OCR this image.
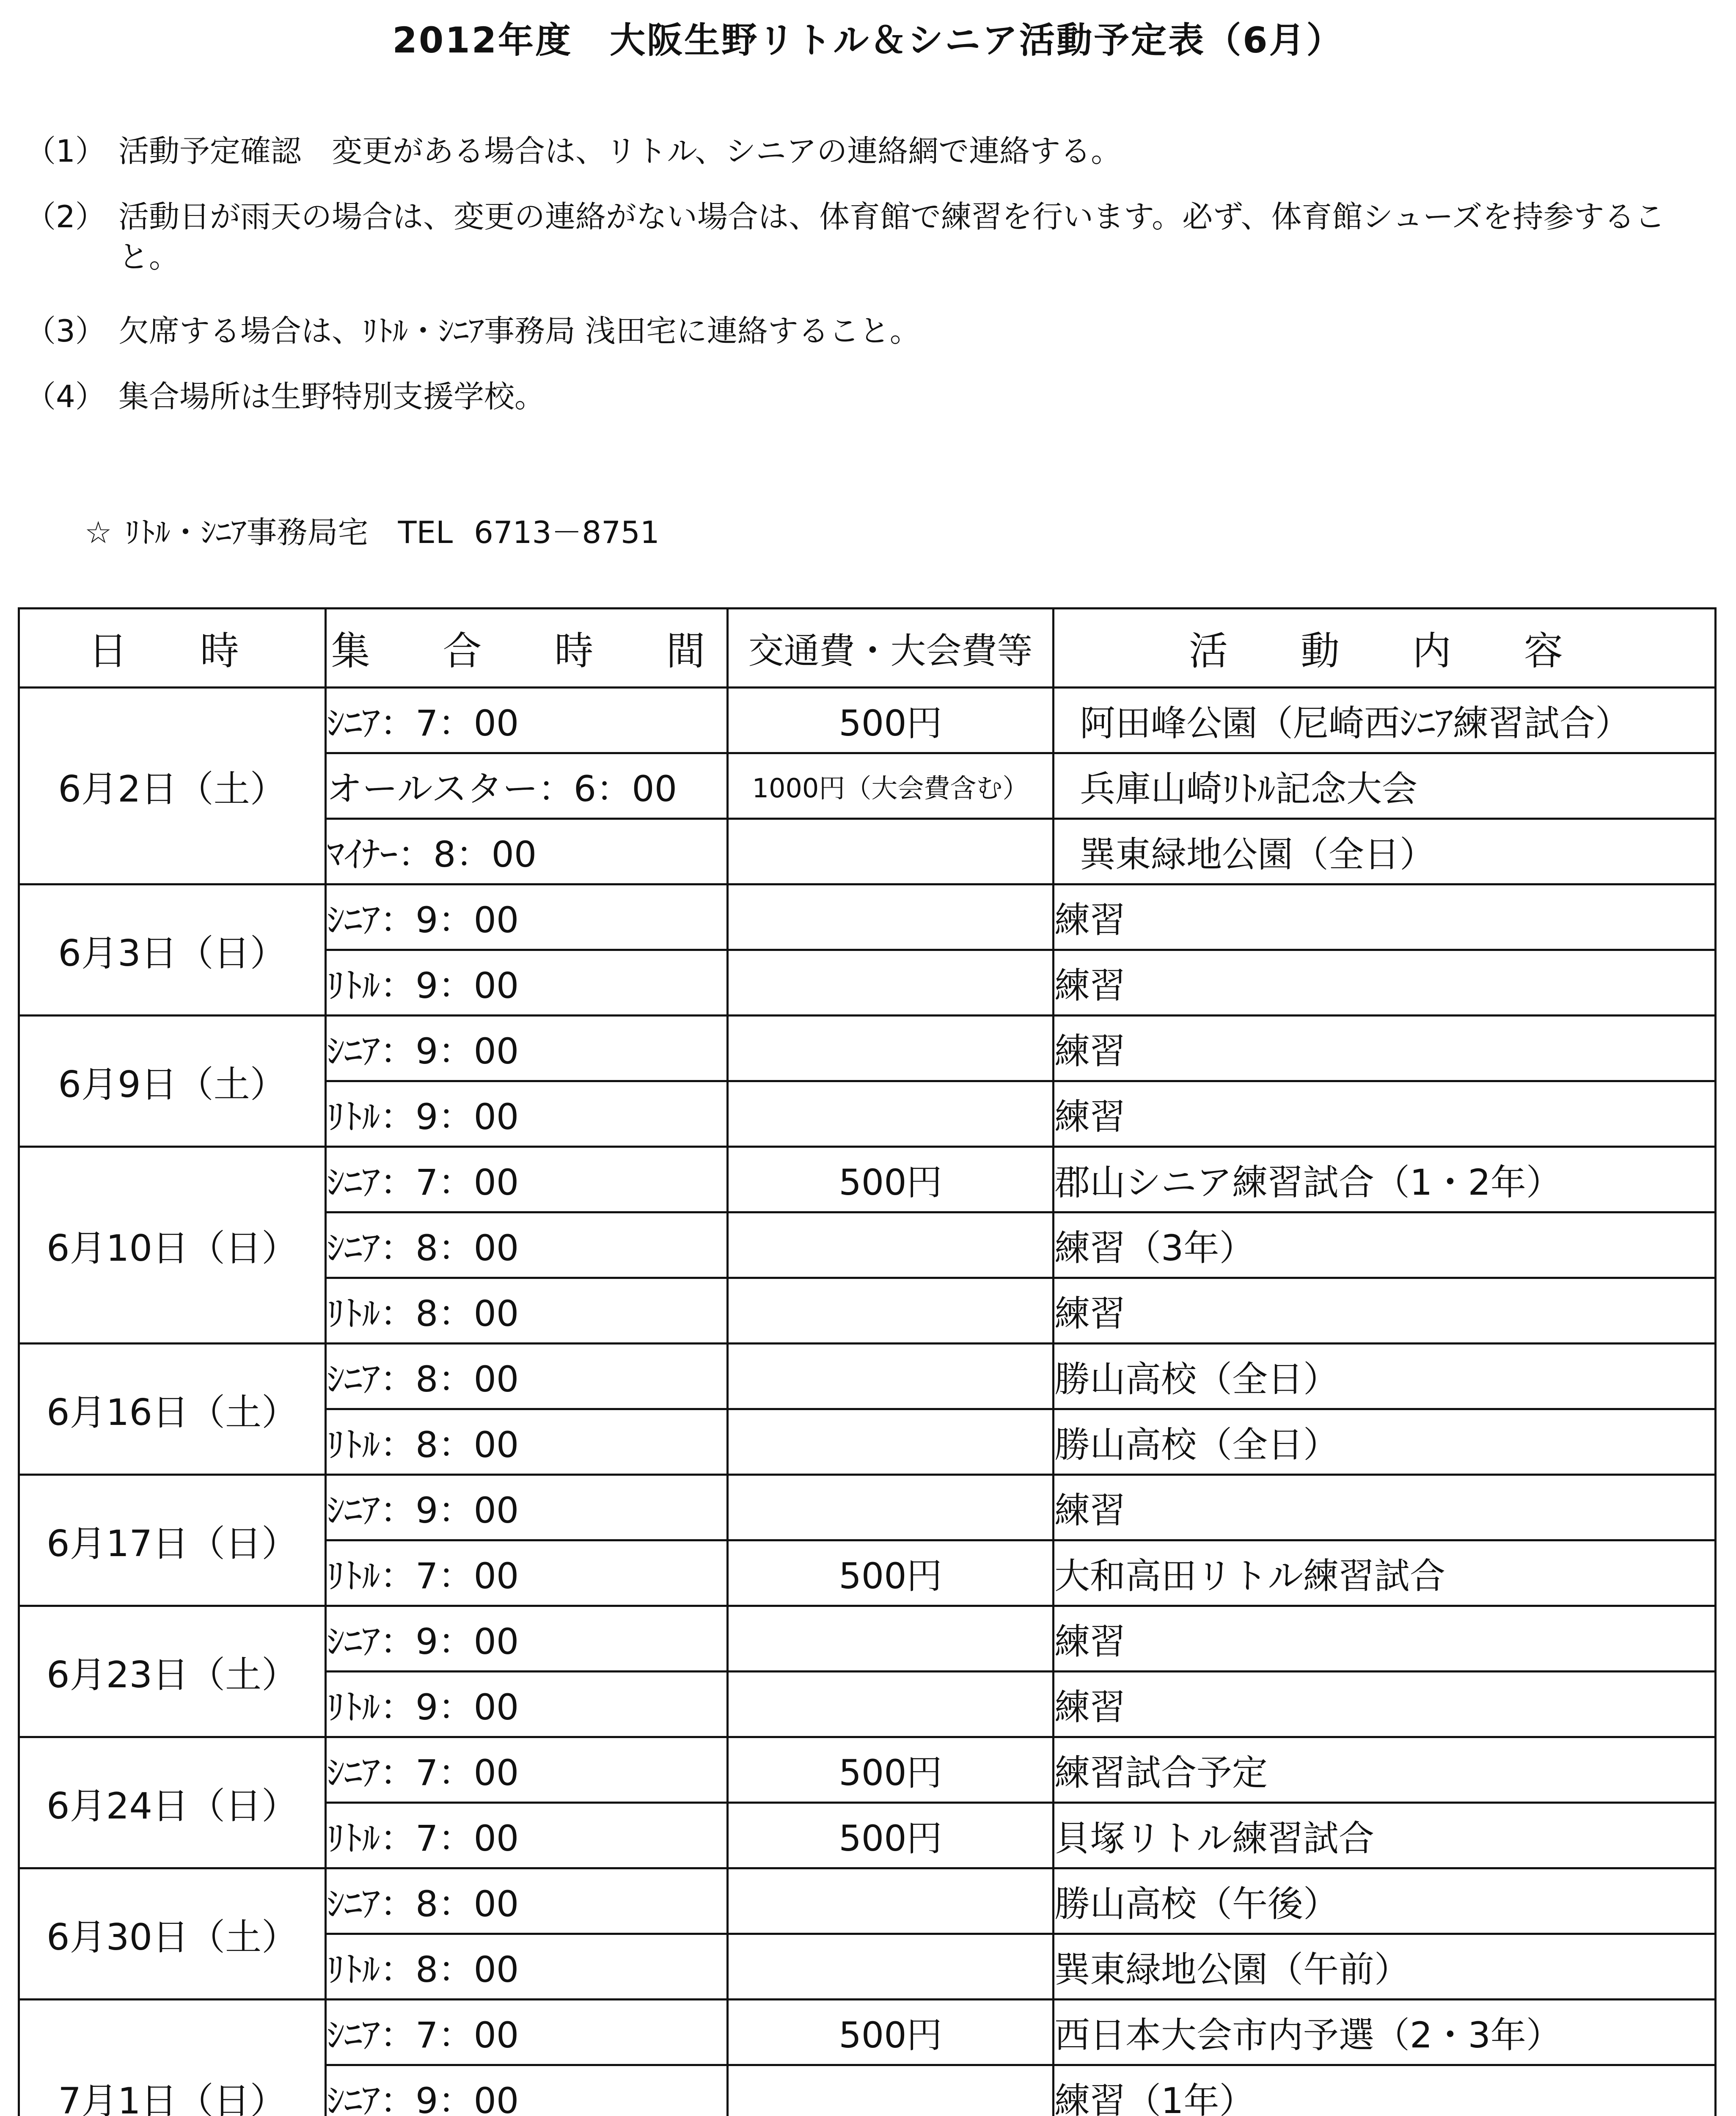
2012年度　大阪生野リトル＆シニア活動予定表（6月）
（1） 活動予定確認　変更がある場合は、リトル、シニアの連絡網で連絡する。
（2） 活動日が雨天の場合は、変更の連絡がない場合は、体育館で練習を行います。必ず、体育館シューズを持参すること。
（3） 欠席する場合は、ﾘﾄﾙ・ｼﾆｱ事務局 浅田宅に連絡すること。
（4） 集合場所は生野特別支援学校。
☆ ﾘﾄﾙ・ｼﾆｱ事務局宅 TEL 6713－8751
日　時	集　合　時　間	交通費・大会費等	活　動　内　容
6月2日（土）	ｼﾆｱ：7：00	500円	阿田峰公園（尼崎西ｼﾆｱ練習試合）
	オールスター：6：00	1000円（大会費含む）	兵庫山崎ﾘﾄﾙ記念大会
	ﾏｲﾅｰ：8：00		巽東緑地公園（全日）
6月3日（日）	ｼﾆｱ：9：00		練習
	ﾘﾄﾙ：9：00		練習
6月9日（土）	ｼﾆｱ：9：00		練習
	ﾘﾄﾙ：9：00		練習
6月10日（日）	ｼﾆｱ：7：00	500円	郡山シニア練習試合（1・2年）
	ｼﾆｱ：8：00		練習（3年）
	ﾘﾄﾙ：8：00		練習
6月16日（土）	ｼﾆｱ：8：00		勝山高校（全日）
	ﾘﾄﾙ：8：00		勝山高校（全日）
6月17日（日）	ｼﾆｱ：9：00		練習
	ﾘﾄﾙ：7：00	500円	大和高田リトル練習試合
6月23日（土）	ｼﾆｱ：9：00		練習
	ﾘﾄﾙ：9：00		練習
6月24日（日）	ｼﾆｱ：7：00	500円	練習試合予定
	ﾘﾄﾙ：7：00	500円	貝塚リトル練習試合
6月30日（土）	ｼﾆｱ：8：00		勝山高校（午後）
	ﾘﾄﾙ：8：00		巽東緑地公園（午前）
7月1日（日）	ｼﾆｱ：7：00	500円	西日本大会市内予選（2・3年）
	ｼﾆｱ：9：00		練習（1年）
